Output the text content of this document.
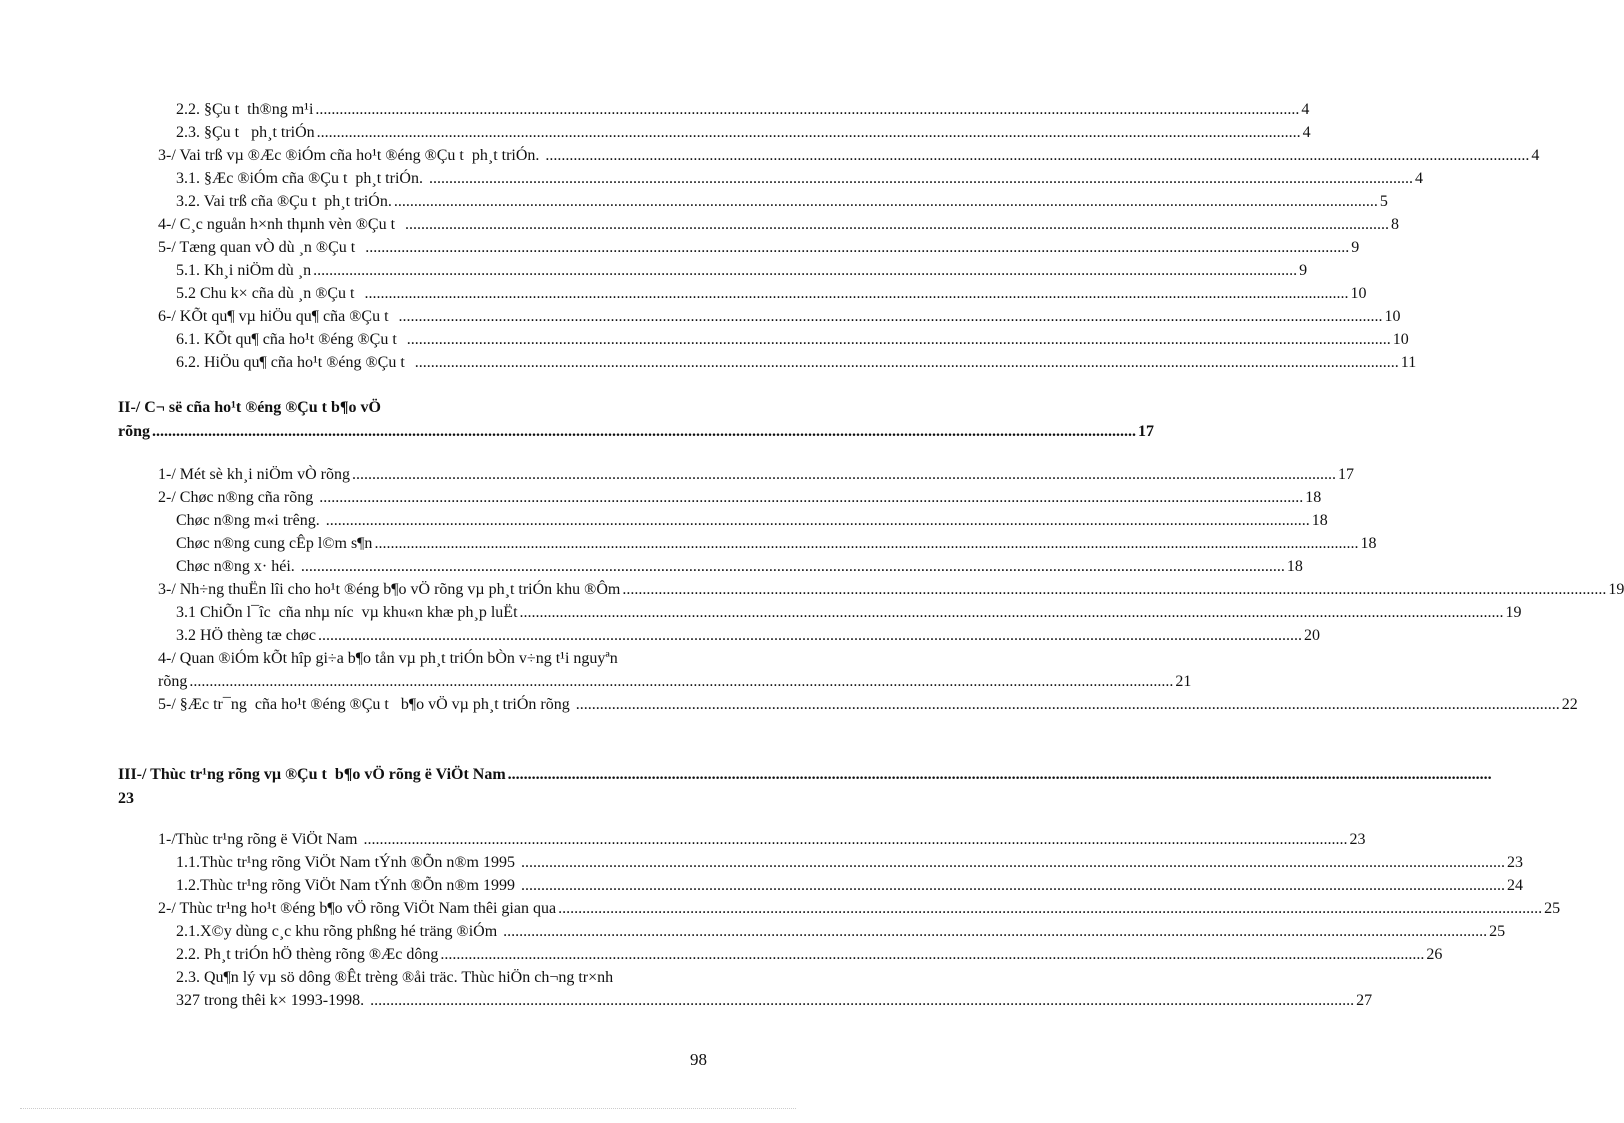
2.2. §Çu t  th®ng m¹i ...................................................................................................................................................................................................................................................... 4
2.3. §Çu t   ph¸t triÓn ...................................................................................................................................................................................................................................................... 4
3-/ Vai trß vµ ®Æc ®iÓm cña ho¹t ®éng ®Çu t  ph¸t triÓn. ...................................................................................................................................................................................................................................................... 4
3.1. §Æc ®iÓm cña ®Çu t  ph¸t triÓn. ...................................................................................................................................................................................................................................................... 4
3.2. Vai trß cña ®Çu t  ph¸t triÓn. ...................................................................................................................................................................................................................................................... 5
4-/ C¸c nguån h×nh thµnh vèn ®Çu t ...................................................................................................................................................................................................................................................... 8
5-/ Tæng quan vÒ dù ¸n ®Çu t ...................................................................................................................................................................................................................................................... 9
5.1. Kh¸i niÖm dù ¸n ...................................................................................................................................................................................................................................................... 9
5.2 Chu k× cña dù ¸n ®Çu t ...................................................................................................................................................................................................................................................... 10
6-/ KÕt qu¶ vµ hiÖu qu¶ cña ®Çu t ...................................................................................................................................................................................................................................................... 10
6.1. KÕt qu¶ cña ho¹t ®éng ®Çu t ...................................................................................................................................................................................................................................................... 10
6.2. HiÖu qu¶ cña ho¹t ®éng ®Çu t ...................................................................................................................................................................................................................................................... 11
II-/ C¬ së cña ho¹t ®éng ®Çu t b¶o vÖ
rõng ...................................................................................................................................................................................................................................................... 17
1-/ Mét sè kh¸i niÖm vÒ rõng ...................................................................................................................................................................................................................................................... 17
2-/ Chøc n®ng cña rõng ...................................................................................................................................................................................................................................................... 18
Chøc n®ng m«i trêng. ...................................................................................................................................................................................................................................................... 18
Chøc n®ng cung cÊp l©m s¶n ...................................................................................................................................................................................................................................................... 18
Chøc n®ng x· héi. ...................................................................................................................................................................................................................................................... 18
3-/ Nh÷ng thuËn lîi cho ho¹t ®éng b¶o vÖ rõng vµ ph¸t triÓn khu ®Ôm ...................................................................................................................................................................................................................................................... 19
3.1 ChiÕn l¯îc  cña nhµ níc  vµ khu«n khæ ph¸p luËt ...................................................................................................................................................................................................................................................... 19
3.2 HÖ thèng tæ chøc ...................................................................................................................................................................................................................................................... 20
4-/ Quan ®iÓm kÕt hîp gi÷a b¶o tån vµ ph¸t triÓn bÒn v÷ng t¹i nguyªn
rõng ...................................................................................................................................................................................................................................................... 21
5-/ §Æc tr¯ng  cña ho¹t ®éng ®Çu t   b¶o vÖ vµ ph¸t triÓn rõng ...................................................................................................................................................................................................................................................... 22
III-/ Thùc tr¹ng rõng vµ ®Çu t  b¶o vÖ rõng ë ViÖt Nam ......................................................................................................................................................................................................................................................
23
1-/Thùc tr¹ng rõng ë ViÖt Nam ...................................................................................................................................................................................................................................................... 23
1.1.Thùc tr¹ng rõng ViÖt Nam tÝnh ®Õn n®m 1995 ...................................................................................................................................................................................................................................................... 23
1.2.Thùc tr¹ng rõng ViÖt Nam tÝnh ®Õn n®m 1999 ...................................................................................................................................................................................................................................................... 24
2-/ Thùc tr¹ng ho¹t ®éng b¶o vÖ rõng ViÖt Nam thêi gian qua ...................................................................................................................................................................................................................................................... 25
2.1.X©y dùng c¸c khu rõng phßng hé träng ®iÓm ...................................................................................................................................................................................................................................................... 25
2.2. Ph¸t triÓn hÖ thèng rõng ®Æc dông ...................................................................................................................................................................................................................................................... 26
2.3. Qu¶n lý vµ sö dông ®Êt trèng ®åi träc. Thùc hiÖn ch¬ng tr×nh
327 trong thêi k× 1993-1998. ...................................................................................................................................................................................................................................................... 27
98
